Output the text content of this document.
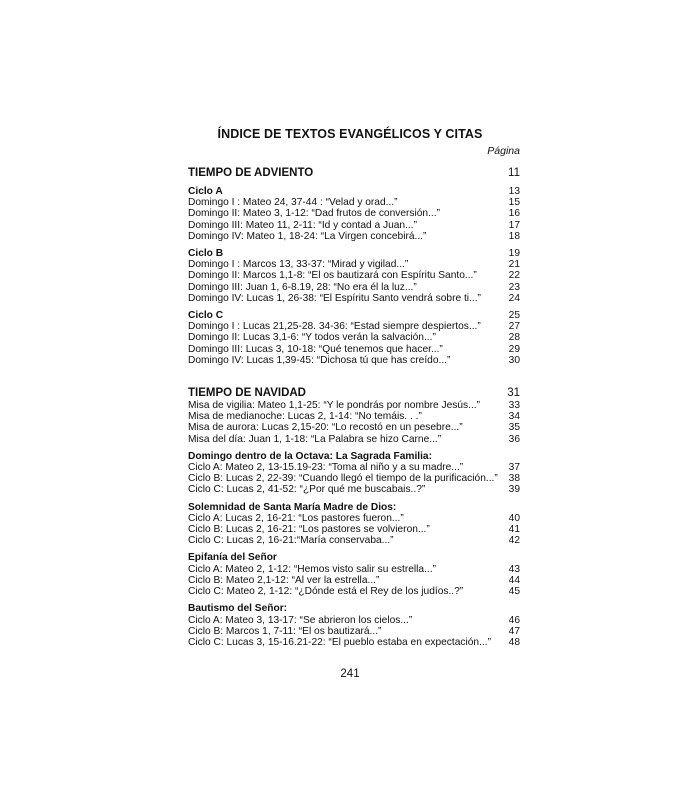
ÍNDICE DE TEXTOS EVANGÉLICOS Y CITAS
Página
TIEMPO DE ADVIENTO	11
Ciclo A	13
Domingo I : Mateo 24, 37-44 : “Velad y orad...”	15
Domingo II: Mateo 3, 1-12: “Dad frutos de conversión...”	16
Domingo III: Mateo 11, 2-11: “Id y contad a Juan...”	17
Domingo IV: Mateo 1, 18-24: “La Virgen concebirá...”	18
Ciclo B	19
Domingo I : Marcos 13, 33-37: “Mirad y vigilad...”	21
Domingo II: Marcos 1,1-8: “Él os bautizará con Espíritu Santo...”	22
Domingo III: Juan 1, 6-8.19, 28: “No era él la luz...”	23
Domingo IV: Lucas 1, 26-38: “El Espíritu Santo vendrá sobre ti...”	24
Ciclo C	25
Domingo I : Lucas 21,25-28. 34-36: “Estad siempre despiertos...”	27
Domingo II: Lucas 3,1-6: “Y todos verán la salvación...”	28
Domingo III: Lucas 3, 10-18: “Qué tenemos que hacer...”	29
Domingo IV: Lucas 1,39-45: “Dichosa tú que has creído...”	30
TIEMPO DE NAVIDAD	31
Misa de vigilia: Mateo 1,1-25: “Y le pondrás por nombre Jesús...”	33
Misa de medianoche: Lucas 2, 1-14: “No temáis. . .”	34
Misa de aurora: Lucas 2,15-20: “Lo recostó en un pesebre...”	35
Misa del día: Juan 1, 1-18: “La Palabra se hizo Carne...”	36
Domingo dentro de la Octava: La Sagrada Familia:
Ciclo A: Mateo 2, 13-15.19-23: “Toma al niño y a su madre...”	37
Ciclo B: Lucas 2, 22-39: “Cuando llegó el tiempo de la purificación...”	38
Ciclo C: Lucas 2, 41-52: “¿Por qué me buscabais..?”	39
Solemnidad de Santa María Madre de Dios:
Ciclo A: Lucas 2, 16-21: “Los pastores fueron...”	40
Ciclo B: Lucas 2, 16-21: “Los pastores se volvieron...”	41
Ciclo C: Lucas 2, 16-21:“María conservaba...”	42
Epifanía del Señor
Ciclo A: Mateo 2, 1-12: “Hemos visto salir su estrella...”	43
Ciclo B: Mateo 2,1-12: “Al ver la estrella...”	44
Ciclo C: Mateo 2, 1-12: “¿Dónde está el Rey de los judíos..?”	45
Bautismo del Señor:
Ciclo A: Mateo 3, 13-17: “Se abrieron los cielos...”	46
Ciclo B: Marcos 1, 7-11: “Él os bautizará...”	47
Ciclo C: Lucas 3, 15-16.21-22: “El pueblo estaba en expectación...”	48
241
